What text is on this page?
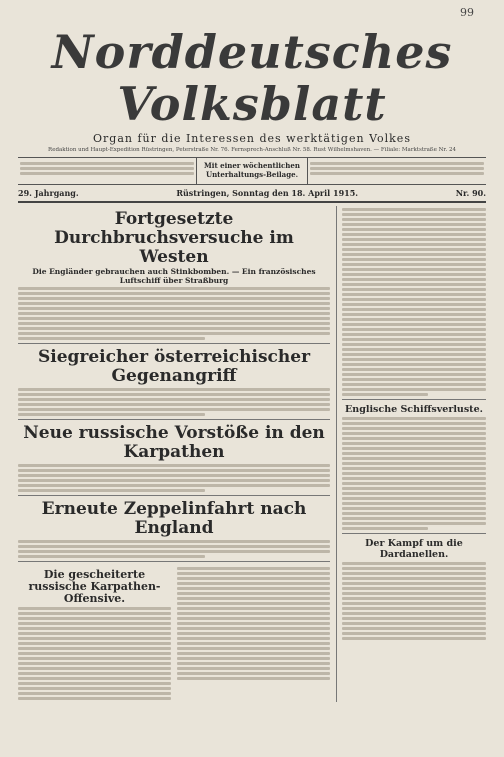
99
Norddeutsches Volksblatt
Organ für die Interessen des werktätigen Volkes
Redaktion und Haupt-Expedition Rüstringen, Peterstraße Nr. 76. Fernsprech-Anschluß Nr. 58. Rust Wilhelmshaven. — Filiale: Marktstraße Nr. 24
Mit einer wöchentlichen
Unterhaltungs-Beilage.
29. Jahrgang.	Rüstringen, Sonntag den 18. April 1915.	Nr. 90.
Fortgesetzte Durchbruchsversuche im Westen
Die Engländer gebrauchen auch Stinkbomben. — Ein französisches Luftschiff über Straßburg
Siegreicher österreichischer Gegenangriff
Neue russische Vorstöße in den Karpathen
Erneute Zeppelinfahrt nach England
Die gescheiterte russische Karpathen-Offensive.
Englische Schiffsverluste.
Der Kampf um die Dardanellen.
